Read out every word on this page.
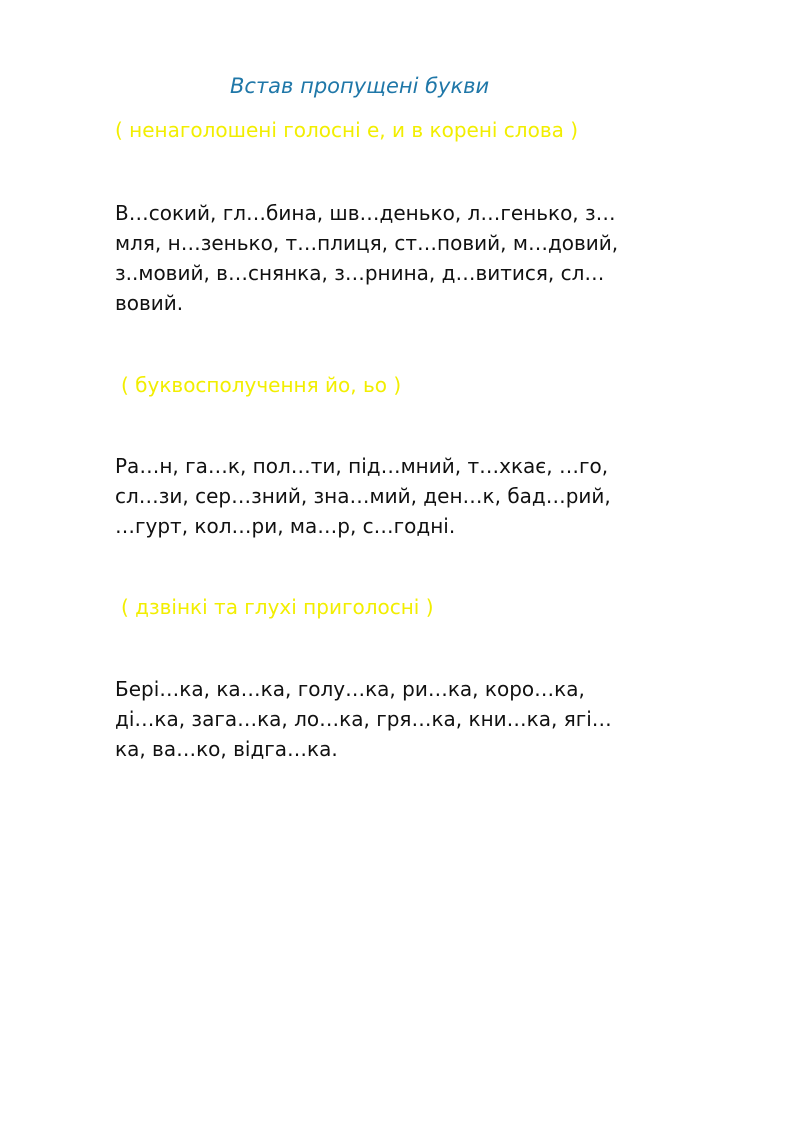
Встав пропущені букви
( ненаголошені голосні е, и в корені слова )
В…сокий, гл…бина, шв…денько, л…генько, з…
мля, н…зенько, т…плиця, ст…повий, м…довий,
з..мовий, в…снянка, з…рнина, д…витися, сл…
вовий.
( буквосполучення йо, ьо )
Ра…н, га…к, пол…ти, під…мний, т…хкає, …го,
сл…зи, сер…зний, зна…мий, ден…к, бад…рий,
…гурт, кол…ри, ма…р, с…годні.
( дзвінкі та глухі приголосні )
Бері…ка, ка…ка, голу…ка, ри…ка, коро…ка,
ді…ка, зага…ка, ло…ка, гря…ка, кни…ка, ягі…
ка, ва…ко, відга…ка.
